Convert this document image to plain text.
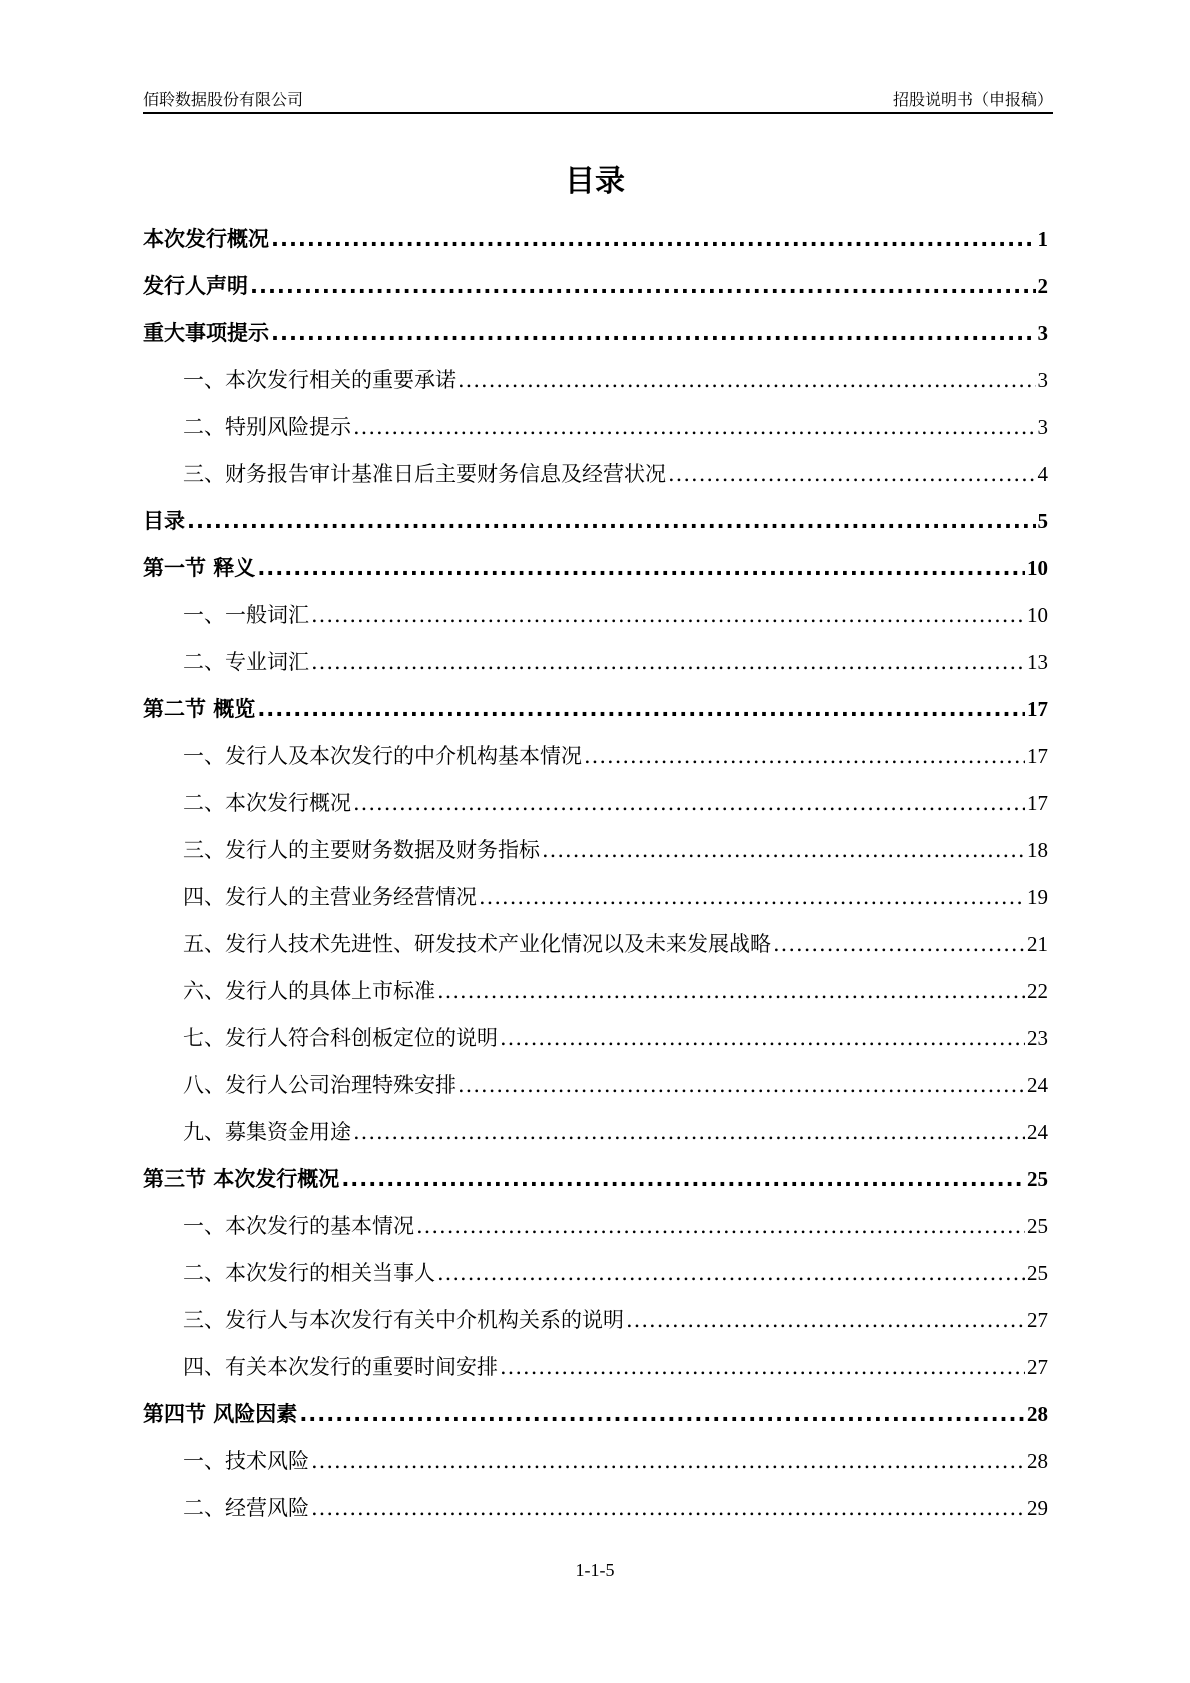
佰聆数据股份有限公司	招股说明书（申报稿）
目录
本次发行概况 .....	1
发行人声明 .....	2
重大事项提示 .....	3
一、本次发行相关的重要承诺 .....	3
二、特别风险提示 .....	3
三、财务报告审计基准日后主要财务信息及经营状况 .....	4
目录 .....	5
第一节 释义 .....	10
一、一般词汇 .....	10
二、专业词汇 .....	13
第二节 概览 .....	17
一、发行人及本次发行的中介机构基本情况 .....	17
二、本次发行概况 .....	17
三、发行人的主要财务数据及财务指标 .....	18
四、发行人的主营业务经营情况 .....	19
五、发行人技术先进性、研发技术产业化情况以及未来发展战略 .....	21
六、发行人的具体上市标准 .....	22
七、发行人符合科创板定位的说明 .....	23
八、发行人公司治理特殊安排 .....	24
九、募集资金用途 .....	24
第三节 本次发行概况 .....	25
一、本次发行的基本情况 .....	25
二、本次发行的相关当事人 .....	25
三、发行人与本次发行有关中介机构关系的说明 .....	27
四、有关本次发行的重要时间安排 .....	27
第四节 风险因素 .....	28
一、技术风险 .....	28
二、经营风险 .....	29
1-1-5
